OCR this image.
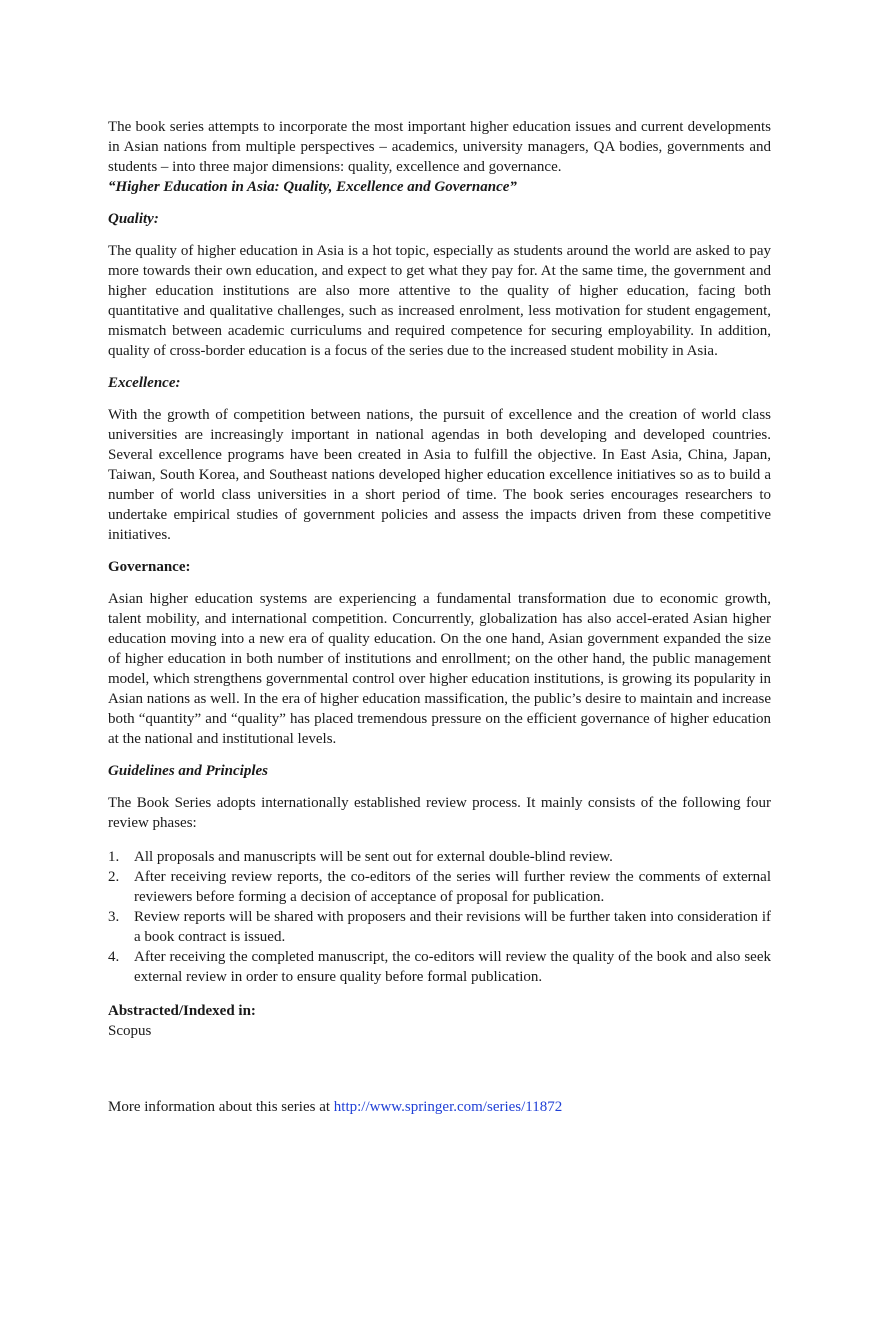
The book series attempts to incorporate the most important higher education issues and current developments in Asian nations from multiple perspectives – academics, university managers, QA bodies, governments and students – into three major dimensions: quality, excellence and governance.

“Higher Education in Asia: Quality, Excellence and Governance”

Quality:

The quality of higher education in Asia is a hot topic, especially as students around the world are asked to pay more towards their own education, and expect to get what they pay for. At the same time, the government and higher education institutions are also more attentive to the quality of higher education, facing both quantitative and qualitative challenges, such as increased enrolment, less motivation for student engagement, mismatch between academic curriculums and required competence for securing employability. In addition, quality of cross-border education is a focus of the series due to the increased student mobility in Asia.

Excellence:

With the growth of competition between nations, the pursuit of excellence and the creation of world class universities are increasingly important in national agendas in both developing and developed countries. Several excellence programs have been created in Asia to fulfill the objective. In East Asia, China, Japan, Taiwan, South Korea, and Southeast nations developed higher education excellence initiatives so as to build a number of world class universities in a short period of time. The book series encourages researchers to undertake empirical studies of government policies and assess the impacts driven from these competitive initiatives.

Governance:

Asian higher education systems are experiencing a fundamental transformation due to economic growth, talent mobility, and international competition. Concurrently, globalization has also accel-erated Asian higher education moving into a new era of quality education. On the one hand, Asian government expanded the size of higher education in both number of institutions and enrollment; on the other hand, the public management model, which strengthens governmental control over higher education institutions, is growing its popularity in Asian nations as well. In the era of higher education massification, the public’s desire to maintain and increase both “quantity” and “quality” has placed tremendous pressure on the efficient governance of higher education at the national and institutional levels.

Guidelines and Principles

The Book Series adopts internationally established review process. It mainly consists of the following four review phases:

1. All proposals and manuscripts will be sent out for external double-blind review.
2. After receiving review reports, the co-editors of the series will further review the comments of external reviewers before forming a decision of acceptance of proposal for publication.
3. Review reports will be shared with proposers and their revisions will be further taken into consideration if a book contract is issued.
4. After receiving the completed manuscript, the co-editors will review the quality of the book and also seek external review in order to ensure quality before formal publication.
Abstracted/Indexed in:
Scopus
More information about this series at http://www.springer.com/series/11872
